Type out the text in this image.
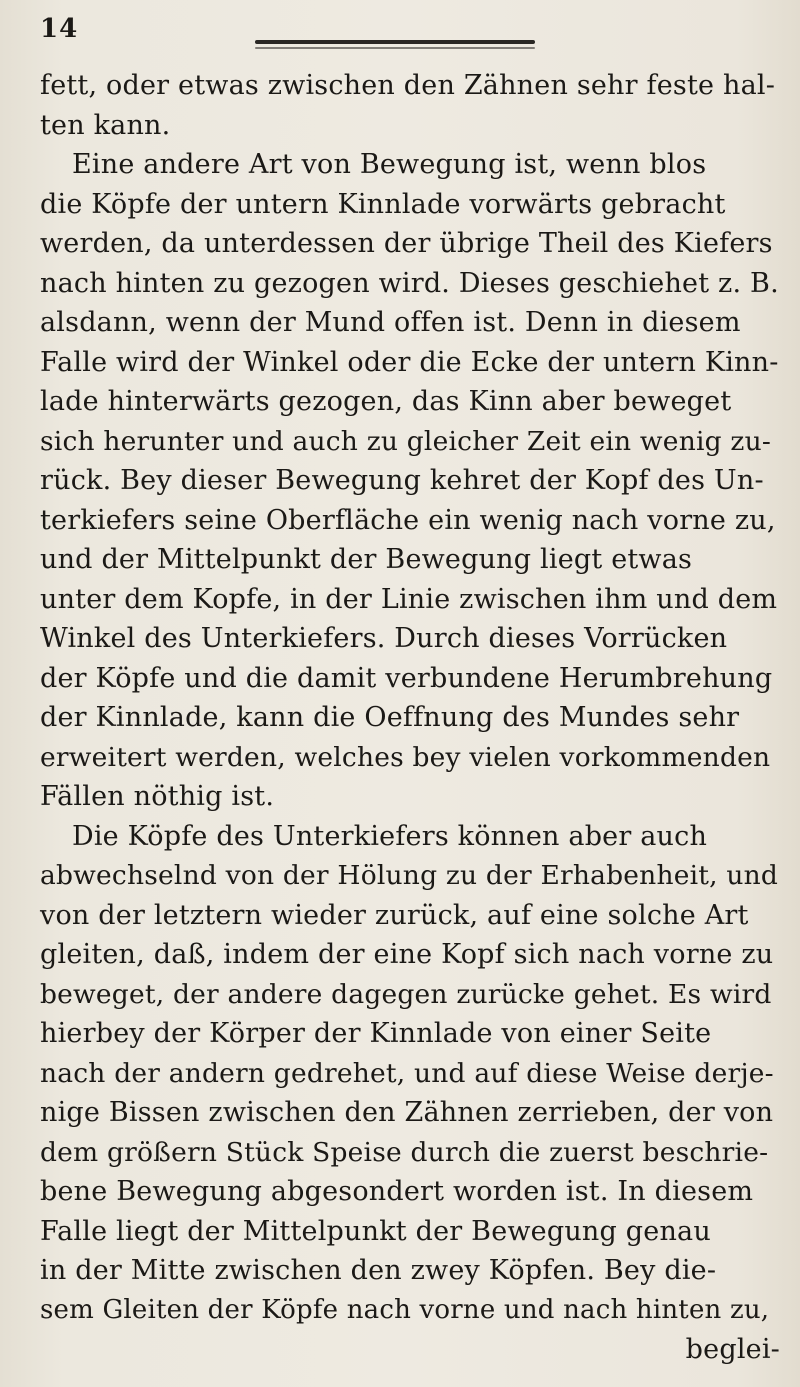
14
fett, oder etwas zwischen den Zähnen sehr feste hal-
ten kann.
Eine andere Art von Bewegung ist, wenn blos
die Köpfe der untern Kinnlade vorwärts gebracht
werden, da unterdessen der übrige Theil des Kiefers
nach hinten zu gezogen wird. Dieses geschiehet z. B.
alsdann, wenn der Mund offen ist. Denn in diesem
Falle wird der Winkel oder die Ecke der untern Kinn-
lade hinterwärts gezogen, das Kinn aber beweget
sich herunter und auch zu gleicher Zeit ein wenig zu-
rück. Bey dieser Bewegung kehret der Kopf des Un-
terkiefers seine Oberfläche ein wenig nach vorne zu,
und der Mittelpunkt der Bewegung liegt etwas
unter dem Kopfe, in der Linie zwischen ihm und dem
Winkel des Unterkiefers. Durch dieses Vorrücken
der Köpfe und die damit verbundene Herumbrehung
der Kinnlade, kann die Oeffnung des Mundes sehr
erweitert werden, welches bey vielen vorkommenden
Fällen nöthig ist.
Die Köpfe des Unterkiefers können aber auch
abwechselnd von der Hölung zu der Erhabenheit, und
von der letztern wieder zurück, auf eine solche Art
gleiten, daß, indem der eine Kopf sich nach vorne zu
beweget, der andere dagegen zurücke gehet. Es wird
hierbey der Körper der Kinnlade von einer Seite
nach der andern gedrehet, und auf diese Weise derje-
nige Bissen zwischen den Zähnen zerrieben, der von
dem größern Stück Speise durch die zuerst beschrie-
bene Bewegung abgesondert worden ist. In diesem
Falle liegt der Mittelpunkt der Bewegung genau
in der Mitte zwischen den zwey Köpfen. Bey die-
sem Gleiten der Köpfe nach vorne und nach hinten zu,
beglei-
